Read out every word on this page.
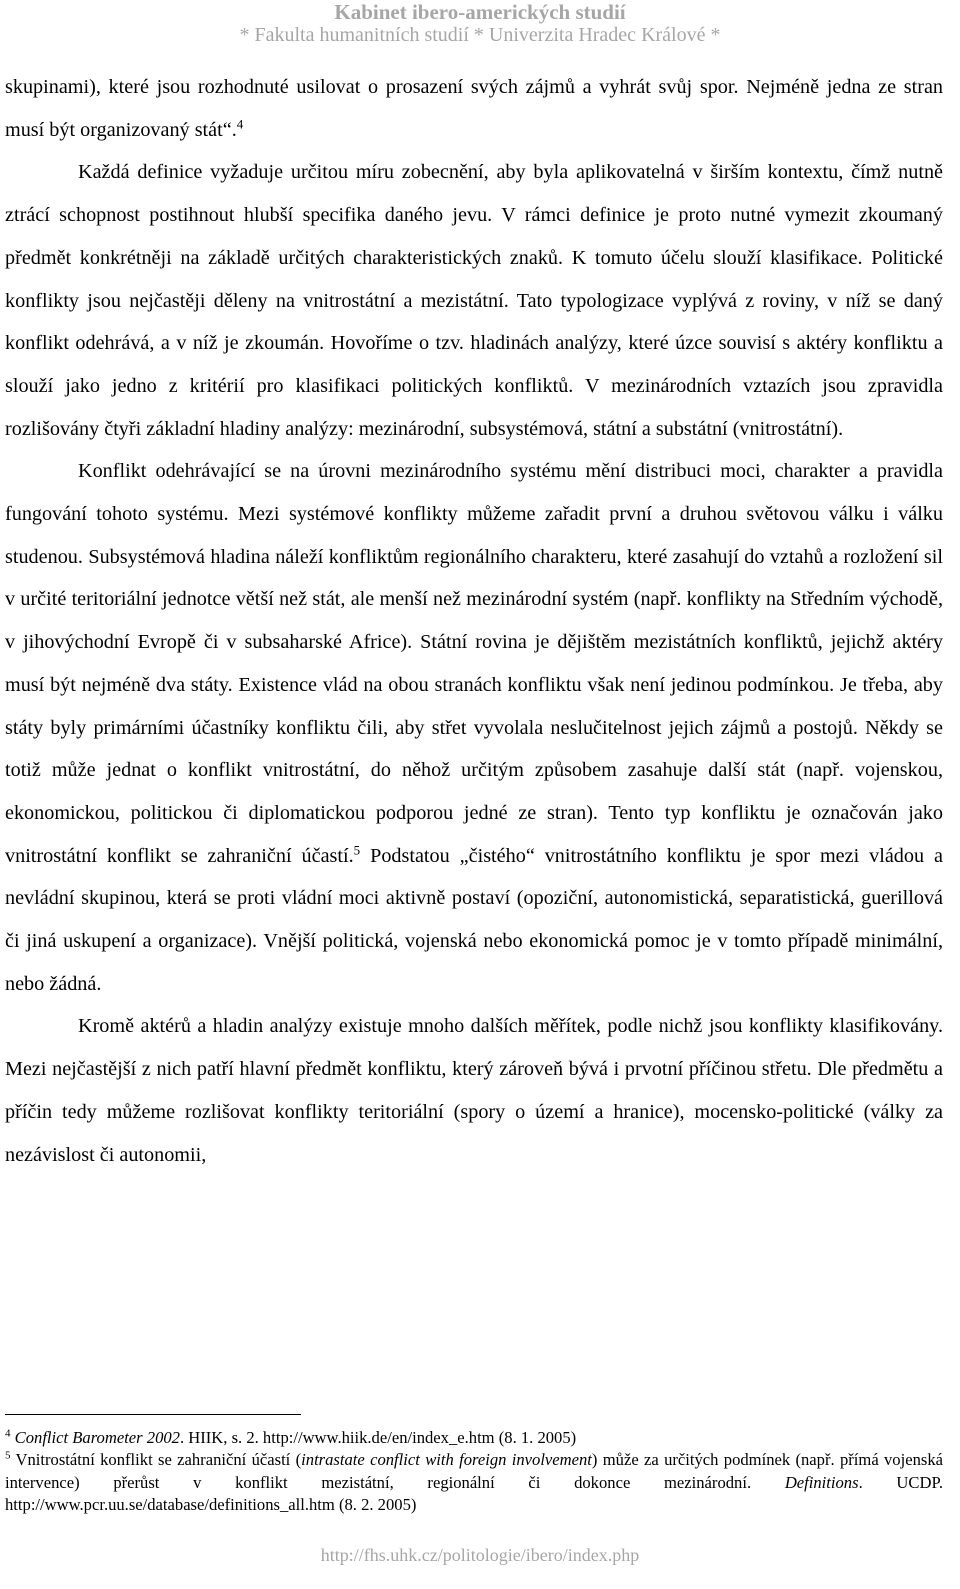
Kabinet ibero-amerických studií
* Fakulta humanitních studií * Univerzita Hradec Králové *

skupinami), které jsou rozhodnuté usilovat o prosazení svých zájmů a vyhrát svůj spor. Nejméně jedna ze stran musí být organizovaný stát“.$^4$

Každá definice vyžaduje určitou míru zobecnění, aby byla aplikovatelná v širším kontextu, čímž nutně ztrácí schopnost postihnout hlubší specifika daného jevu. V rámci definice je proto nutné vymezit zkoumaný předmět konkrétněji na základě určitých charakteristických znaků. K tomuto účelu slouží klasifikace. Politické konflikty jsou nejčastěji děleny na vnitrostátní a mezistátní. Tato typologizace vyplývá z roviny, v níž se daný konflikt odehrává, a v níž je zkoumán. Hovoříme o tzv. hladinách analýzy, které úzce souvisí s aktéry konfliktu a slouží jako jedno z kritérií pro klasifikaci politických konfliktů. V mezinárodních vztazích jsou zpravidla rozlišovány čtyři základní hladiny analýzy: mezinárodní, subsystémová, státní a substátní (vnitrostátní).

Konflikt odehrávající se na úrovni mezinárodního systému mění distribuci moci, charakter a pravidla fungování tohoto systému. Mezi systémové konflikty můžeme zařadit první a druhou světovou válku i válku studenou. Subsystémová hladina náleží konfliktům regionálního charakteru, které zasahují do vztahů a rozložení sil v určité teritoriální jednotce větší než stát, ale menší než mezinárodní systém (např. konflikty na Středním východě, v jihovýchodní Evropě či v subsaharské Africe). Státní rovina je dějištěm mezistátních konfliktů, jejichž aktéry musí být nejméně dva státy. Existence vlád na obou stranách konfliktu však není jedinou podmínkou. Je třeba, aby státy byly primárními účastníky konfliktu čili, aby střet vyvolala neslučitelnost jejich zájmů a postojů. Někdy se totiž může jednat o konflikt vnitrostátní, do něhož určitým způsobem zasahuje další stát (např. vojenskou, ekonomickou, politickou či diplomatickou podporou jedné ze stran). Tento typ konfliktu je označován jako vnitrostátní konflikt se zahraniční účastí.$^5$ Podstatou „čistého“ vnitrostátního konfliktu je spor mezi vládou a nevládní skupinou, která se proti vládní moci aktivně postaví (opoziční, autonomistická, separatistická, guerillová či jiná uskupení a organizace). Vnější politická, vojenská nebo ekonomická pomoc je v tomto případě minimální, nebo žádná.

Kromě aktérů a hladin analýzy existuje mnoho dalších měřítek, podle nichž jsou konflikty klasifikovány. Mezi nejčastější z nich patří hlavní předmět konfliktu, který zároveň bývá i prvotní příčinou střetu. Dle předmětu a příčin tedy můžeme rozlišovat konflikty teritoriální (spory o území a hranice), mocensko-politické (války za nezávislost či autonomii,

$^4$ Conflict Barometer 2002. HIIK, s. 2. http://www.hiik.de/en/index_e.htm (8. 1. 2005)

$^5$ Vnitrostátní konflikt se zahraniční účastí (intrastate conflict with foreign involvement) může za určitých podmínek (např. přímá vojenská intervence) přerůst v konflikt mezistátní, regionální či dokonce mezinárodní. Definitions. UCDP. http://www.pcr.uu.se/database/definitions_all.htm (8. 2. 2005)

http://fhs.uhk.cz/politologie/ibero/index.php
